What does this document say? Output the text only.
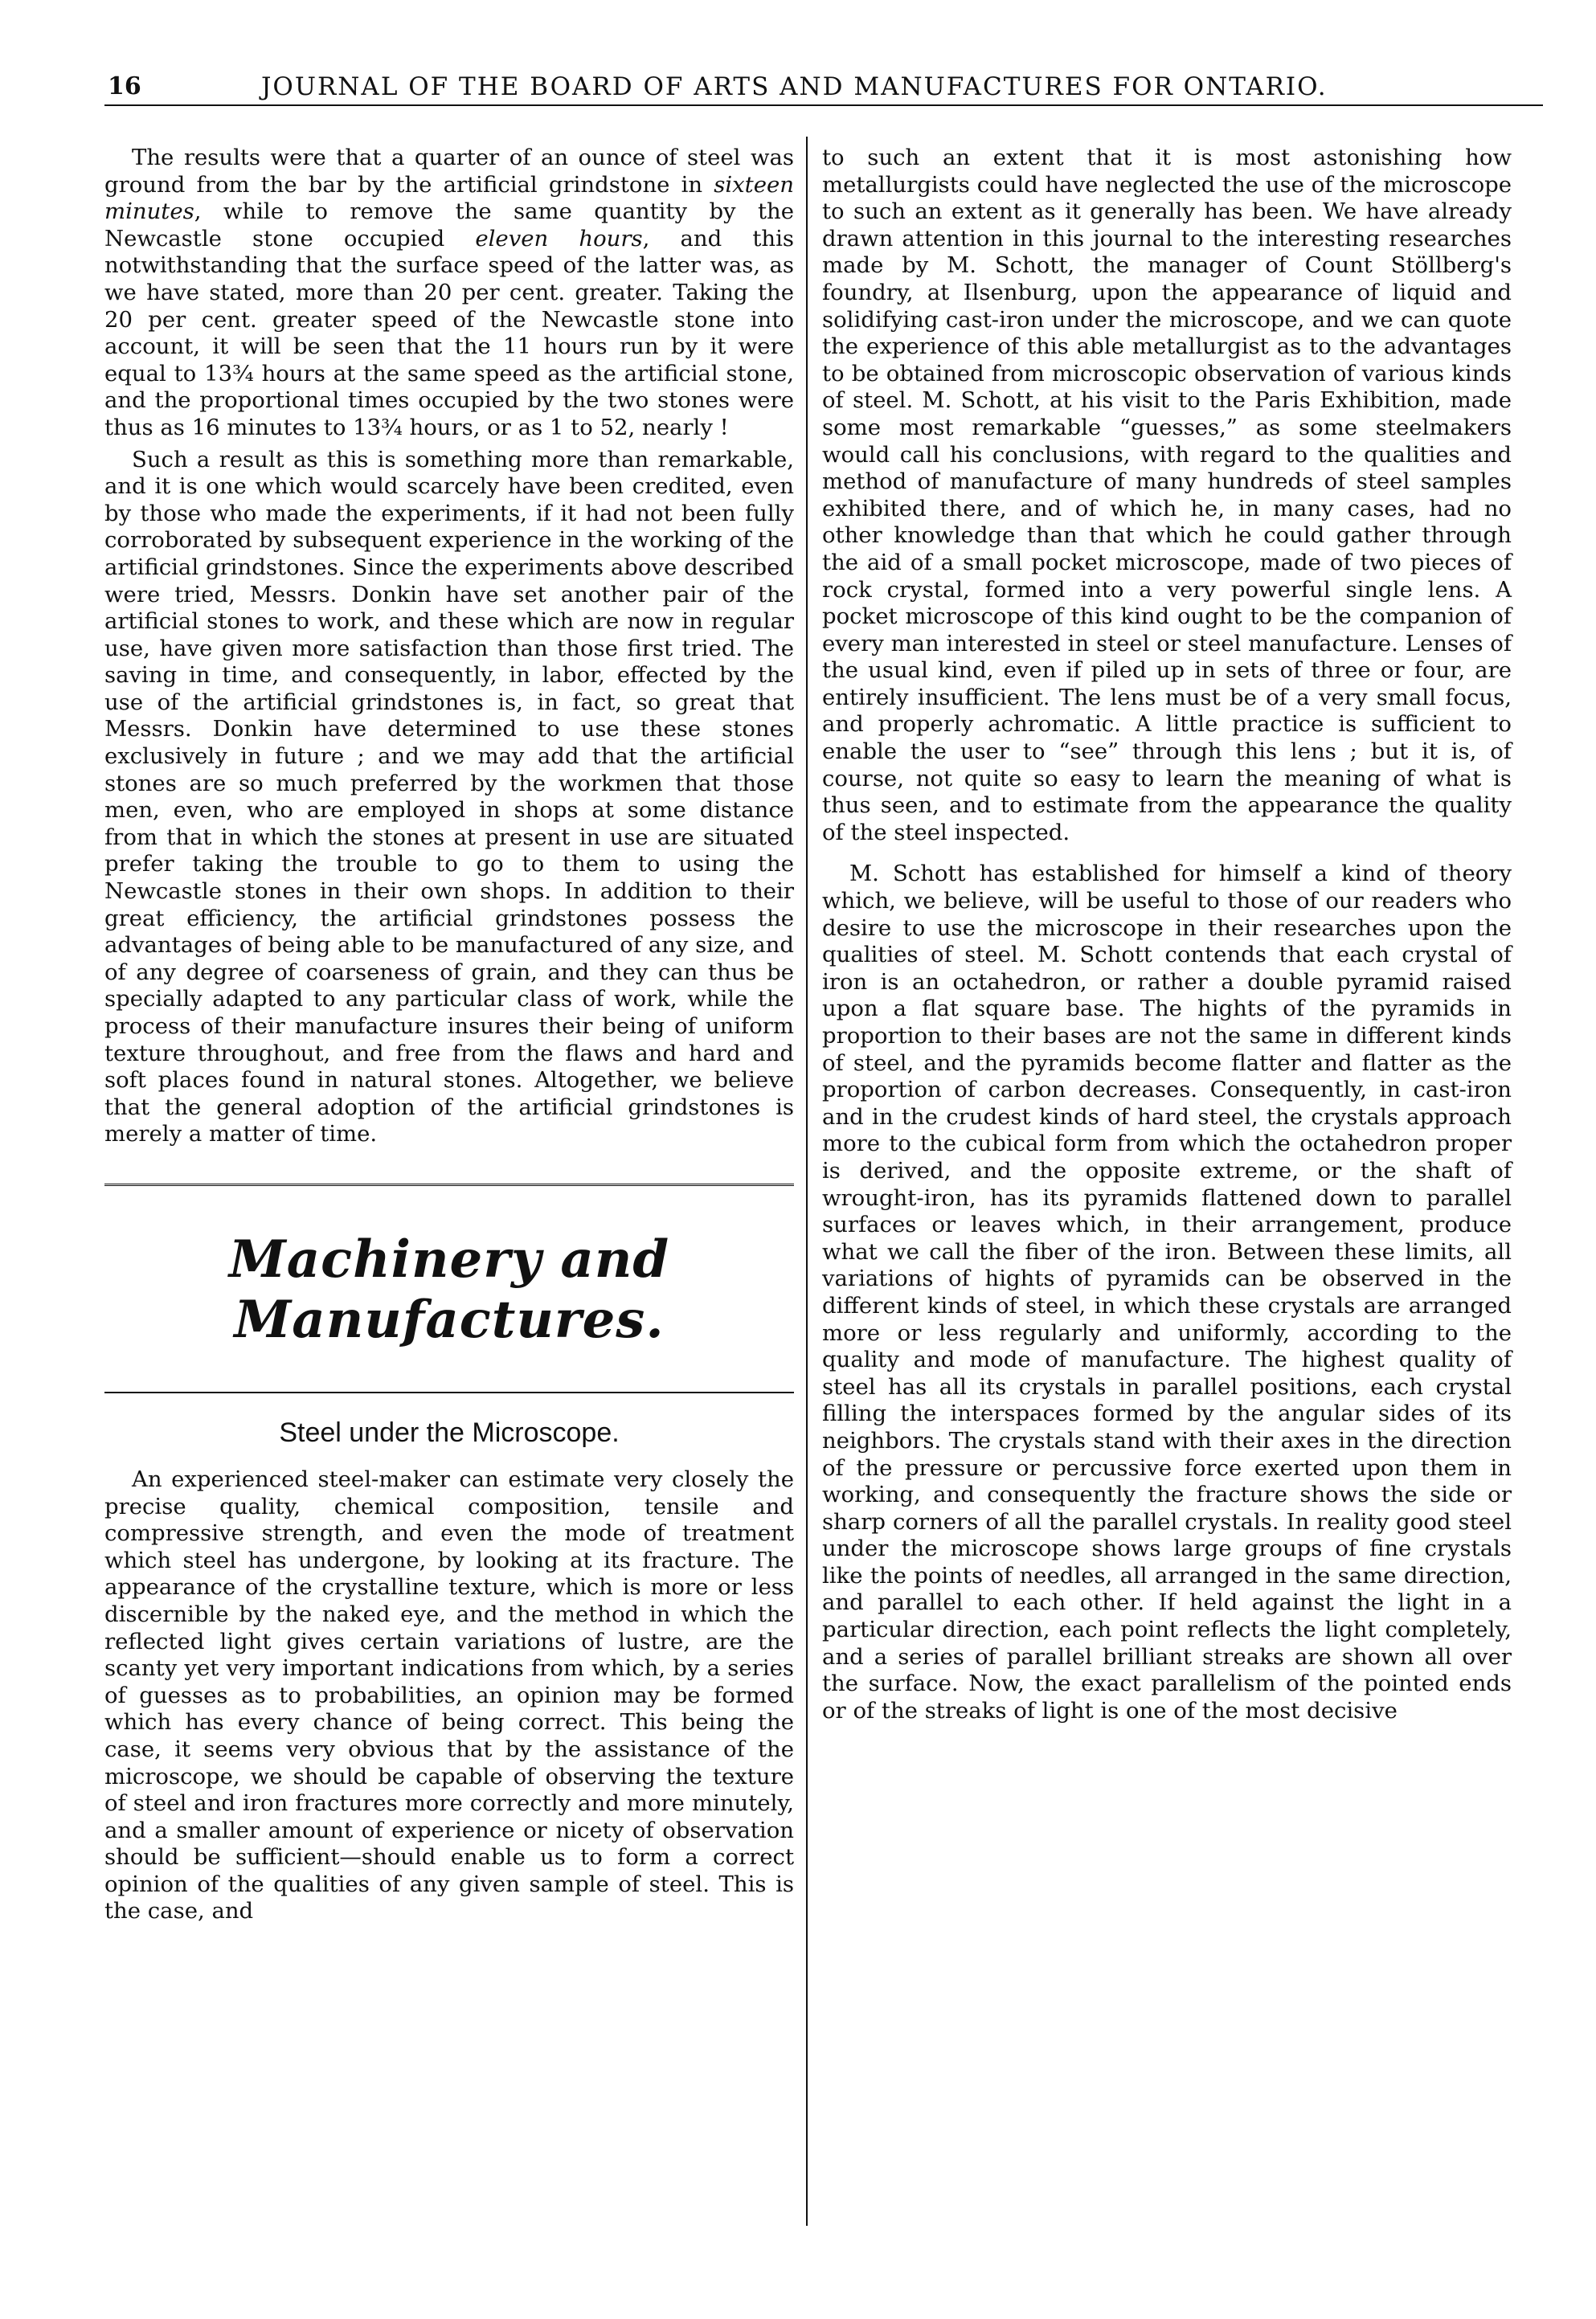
16	JOURNAL OF THE BOARD OF ARTS AND MANUFACTURES FOR ONTARIO.

The results were that a quarter of an ounce of steel was ground from the bar by the artificial grindstone in sixteen minutes, while to remove the same quantity by the Newcastle stone occupied eleven hours, and this notwithstanding that the surface speed of the latter was, as we have stated, more than 20 per cent. greater. Taking the 20 per cent. greater speed of the Newcastle stone into account, it will be seen that the 11 hours run by it were equal to 13¾ hours at the same speed as the artificial stone, and the proportional times occupied by the two stones were thus as 16 minutes to 13¾ hours, or as 1 to 52, nearly !

Such a result as this is something more than remarkable, and it is one which would scarcely have been credited, even by those who made the experiments, if it had not been fully corroborated by subsequent experience in the working of the artificial grindstones. Since the experiments above described were tried, Messrs. Donkin have set another pair of the artificial stones to work, and these which are now in regular use, have given more satisfaction than those first tried. The saving in time, and consequently, in labor, effected by the use of the artificial grindstones is, in fact, so great that Messrs. Donkin have determined to use these stones exclusively in future ; and we may add that the artificial stones are so much preferred by the workmen that those men, even, who are employed in shops at some distance from that in which the stones at present in use are situated prefer taking the trouble to go to them to using the Newcastle stones in their own shops. In addition to their great efficiency, the artificial grindstones possess the advantages of being able to be manufactured of any size, and of any degree of coarseness of grain, and they can thus be specially adapted to any particular class of work, while the process of their manufacture insures their being of uniform texture throughout, and free from the flaws and hard and soft places found in natural stones. Altogether, we believe that the general adoption of the artificial grindstones is merely a matter of time.

Machinery and Manufactures.
Steel under the Microscope.

An experienced steel-maker can estimate very closely the precise quality, chemical composition, tensile and compressive strength, and even the mode of treatment which steel has undergone, by looking at its fracture. The appearance of the crystalline texture, which is more or less discernible by the naked eye, and the method in which the reflected light gives certain variations of lustre, are the scanty yet very important indications from which, by a series of guesses as to probabilities, an opinion may be formed which has every chance of being correct. This being the case, it seems very obvious that by the assistance of the microscope, we should be capable of observing the texture of steel and iron fractures more correctly and more minutely, and a smaller amount of experience or nicety of observation should be sufficient—should enable us to form a correct opinion of the qualities of any given sample of steel. This is the case, and

to such an extent that it is most astonishing how metallurgists could have neglected the use of the microscope to such an extent as it generally has been. We have already drawn attention in this journal to the interesting researches made by M. Schott, the manager of Count Stöllberg's foundry, at Ilsenburg, upon the appearance of liquid and solidifying cast-iron under the microscope, and we can quote the experience of this able metallurgist as to the advantages to be obtained from microscopic observation of various kinds of steel. M. Schott, at his visit to the Paris Exhibition, made some most remarkable “guesses,” as some steelmakers would call his conclusions, with regard to the qualities and method of manufacture of many hundreds of steel samples exhibited there, and of which he, in many cases, had no other knowledge than that which he could gather through the aid of a small pocket microscope, made of two pieces of rock crystal, formed into a very powerful single lens. A pocket microscope of this kind ought to be the companion of every man interested in steel or steel manufacture. Lenses of the usual kind, even if piled up in sets of three or four, are entirely insufficient. The lens must be of a very small focus, and properly achromatic. A little practice is sufficient to enable the user to “see” through this lens ; but it is, of course, not quite so easy to learn the meaning of what is thus seen, and to estimate from the appearance the quality of the steel inspected.

M. Schott has established for himself a kind of theory which, we believe, will be useful to those of our readers who desire to use the microscope in their researches upon the qualities of steel. M. Schott contends that each crystal of iron is an octahedron, or rather a double pyramid raised upon a flat square base. The hights of the pyramids in proportion to their bases are not the same in different kinds of steel, and the pyramids become flatter and flatter as the proportion of carbon decreases. Consequently, in cast-iron and in the crudest kinds of hard steel, the crystals approach more to the cubical form from which the octahedron proper is derived, and the opposite extreme, or the shaft of wrought-iron, has its pyramids flattened down to parallel surfaces or leaves which, in their arrangement, produce what we call the fiber of the iron. Between these limits, all variations of hights of pyramids can be observed in the different kinds of steel, in which these crystals are arranged more or less regularly and uniformly, according to the quality and mode of manufacture. The highest quality of steel has all its crystals in parallel positions, each crystal filling the interspaces formed by the angular sides of its neighbors. The crystals stand with their axes in the direction of the pressure or percussive force exerted upon them in working, and consequently the fracture shows the side or sharp corners of all the parallel crystals. In reality good steel under the microscope shows large groups of fine crystals like the points of needles, all arranged in the same direction, and parallel to each other. If held against the light in a particular direction, each point reflects the light completely, and a series of parallel brilliant streaks are shown all over the surface. Now, the exact parallelism of the pointed ends or of the streaks of light is one of the most decisive
